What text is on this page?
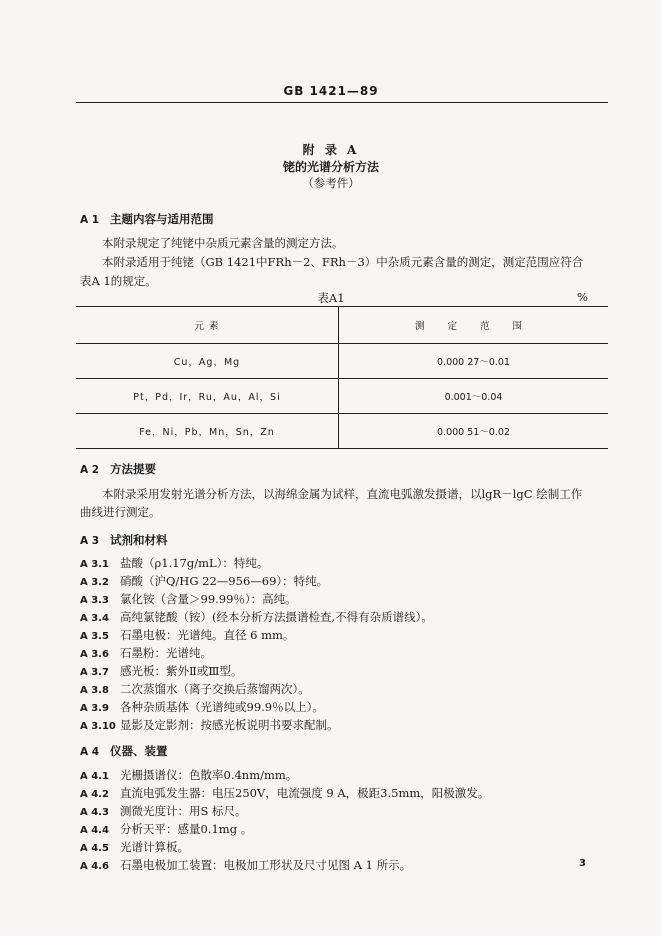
GB 1421—89
附 录 A
铑的光谱分析方法
（参考件）
A 1 主题内容与适用范围
本附录规定了纯铑中杂质元素含量的测定方法。
本附录适用于纯铑（GB 1421中FRh－2、FRh－3）中杂质元素含量的测定，测定范围应符合
表A 1的规定。
表A1	%
元 素	测 定 范 围
Cu，Ag，Mg	0.000 27～0.01
Pt，Pd，Ir，Ru，Au，Al，Si	0.001～0.04
Fe，Ni，Pb，Mn，Sn，Zn	0.000 51～0.02
A 2 方法提要
本附录采用发射光谱分析方法，以海绵金属为试样，直流电弧激发摄谱，以lgR－lgC 绘制工作
曲线进行测定。
A 3 试剂和材料
A 3.1 盐酸（ρ1.17g/mL）：特纯。
A 3.2 硝酸（沪Q/HG 22—956—69）：特纯。
A 3.3 氯化铵（含量＞99.99％）：高纯。
A 3.4 高纯氯铑酸（铵）(经本分析方法摄谱检查,不得有杂质谱线）。
A 3.5 石墨电极：光谱纯。直径 6 mm。
A 3.6 石墨粉：光谱纯。
A 3.7 感光板：紫外Ⅱ或Ⅲ型。
A 3.8 二次蒸馏水（离子交换后蒸馏两次）。
A 3.9 各种杂质基体（光谱纯或99.9％以上）。
A 3.10 显影及定影剂：按感光板说明书要求配制。
A 4 仪器、装置
A 4.1 光栅摄谱仪：色散率0.4nm/mm。
A 4.2 直流电弧发生器：电压250V，电流强度 9 A，极距3.5mm，阳极激发。
A 4.3 测微光度计：用S 标尺。
A 4.4 分析天平：感量0.1mg 。
A 4.5 光谱计算板。
A 4.6 石墨电极加工装置：电极加工形状及尺寸见图 A 1 所示。	3
